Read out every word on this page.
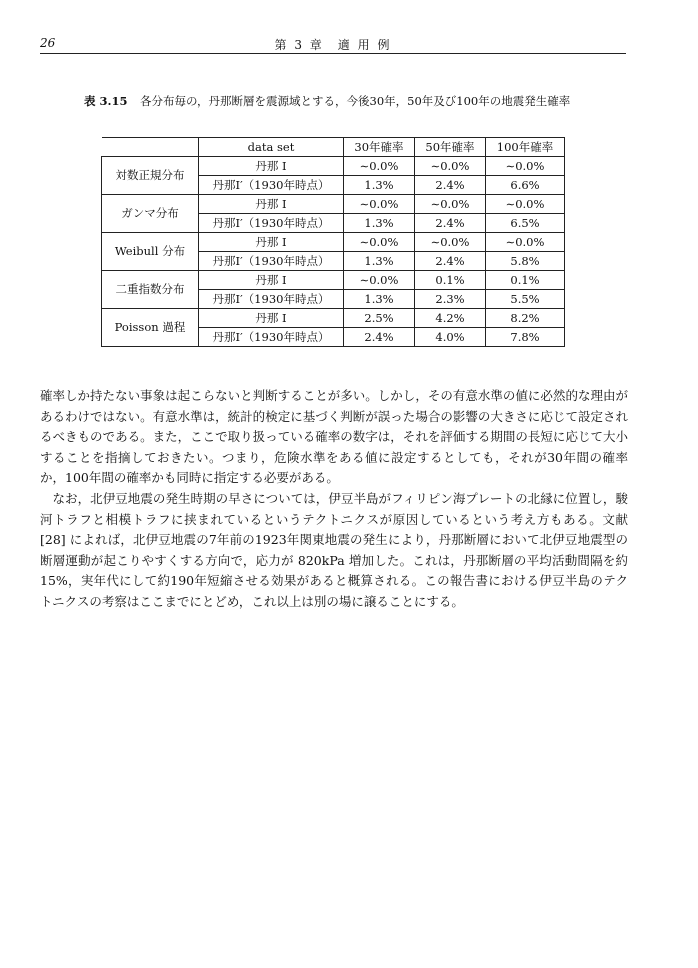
26	第 3 章　適 用 例
表 3.15 各分布毎の，丹那断層を震源域とする，今後30年，50年及び100年の地震発生確率
	data set	30年確率	50年確率	100年確率
対数正規分布	丹那 I	∼0.0%	∼0.0%	∼0.0%
	丹那I′（1930年時点）	1.3%	2.4%	6.6%
ガンマ分布	丹那 I	∼0.0%	∼0.0%	∼0.0%
	丹那I′（1930年時点）	1.3%	2.4%	6.5%
Weibull 分布	丹那 I	∼0.0%	∼0.0%	∼0.0%
	丹那I′（1930年時点）	1.3%	2.4%	5.8%
二重指数分布	丹那 I	∼0.0%	0.1%	0.1%
	丹那I′（1930年時点）	1.3%	2.3%	5.5%
Poisson 過程	丹那 I	2.5%	4.2%	8.2%
	丹那I′（1930年時点）	2.4%	4.0%	7.8%

確率しか持たない事象は起こらないと判断することが多い。しかし，その有意水準の値に必然的な理由があるわけではない。有意水準は，統計的検定に基づく判断が誤った場合の影響の大きさに応じて設定されるべきものである。また，ここで取り扱っている確率の数字は，それを評価する期間の長短に応じて大小することを指摘しておきたい。つまり，危険水準をある値に設定するとしても，それが30年間の確率か，100年間の確率かも同時に指定する必要がある。

なお，北伊豆地震の発生時期の早さについては，伊豆半島がフィリピン海プレートの北縁に位置し，駿河トラフと相模トラフに挟まれているというテクトニクスが原因しているという考え方もある。文献 [28] によれば，北伊豆地震の7年前の1923年関東地震の発生により，丹那断層において北伊豆地震型の断層運動が起こりやすくする方向で，応力が 820kPa 増加した。これは，丹那断層の平均活動間隔を約 15%，実年代にして約190年短縮させる効果があると概算される。この報告書における伊豆半島のテクトニクスの考察はここまでにとどめ，これ以上は別の場に譲ることにする。
